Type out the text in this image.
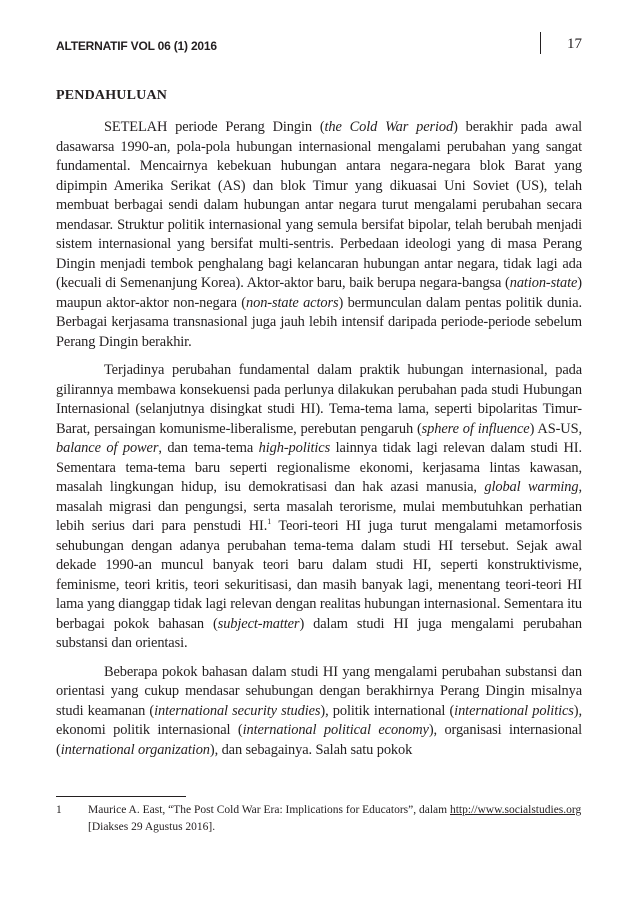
ALTERNATIF VOL 06 (1) 2016	17
PENDAHULUAN

SETELAH periode Perang Dingin (the Cold War period) berakhir pada awal dasawarsa 1990-an, pola-pola hubungan internasional mengalami perubahan yang sangat fundamental. Mencairnya kebekuan hubungan antara negara-negara blok Barat yang dipimpin Amerika Serikat (AS) dan blok Timur yang dikuasai Uni Soviet (US), telah membuat berbagai sendi dalam hubungan antar negara turut mengalami perubahan secara mendasar. Struktur politik internasional yang semula bersifat bipolar, telah berubah menjadi sistem internasional yang bersifat multi-sentris. Perbedaan ideologi yang di masa Perang Dingin menjadi tembok penghalang bagi kelancaran hubungan antar negara, tidak lagi ada (kecuali di Semenanjung Korea). Aktor-aktor baru, baik berupa negara-bangsa (nation-state) maupun aktor-aktor non-negara (non-state actors) bermunculan dalam pentas politik dunia. Berbagai kerjasama transnasional juga jauh lebih intensif daripada periode-periode sebelum Perang Dingin berakhir.

Terjadinya perubahan fundamental dalam praktik hubungan internasional, pada gilirannya membawa konsekuensi pada perlunya dilakukan perubahan pada studi Hubungan Internasional (selanjutnya disingkat studi HI). Tema-tema lama, seperti bipolaritas Timur-Barat, persaingan komunisme-liberalisme, perebutan pengaruh (sphere of influence) AS-US, balance of power, dan tema-tema high-politics lainnya tidak lagi relevan dalam studi HI. Sementara tema-tema baru seperti regionalisme ekonomi, kerjasama lintas kawasan, masalah lingkungan hidup, isu demokratisasi dan hak azasi manusia, global warming, masalah migrasi dan pengungsi, serta masalah terorisme, mulai membutuhkan perhatian lebih serius dari para penstudi HI.$^1$ Teori-teori HI juga turut mengalami metamorfosis sehubungan dengan adanya perubahan tema-tema dalam studi HI tersebut. Sejak awal dekade 1990-an muncul banyak teori baru dalam studi HI, seperti konstruktivisme, feminisme, teori kritis, teori sekuritisasi, dan masih banyak lagi, menentang teori-teori HI lama yang dianggap tidak lagi relevan dengan realitas hubungan internasional. Sementara itu berbagai pokok bahasan (subject-matter) dalam studi HI juga mengalami perubahan substansi dan orientasi.

Beberapa pokok bahasan dalam studi HI yang mengalami perubahan substansi dan orientasi yang cukup mendasar sehubungan dengan berakhirnya Perang Dingin misalnya studi keamanan (international security studies), politik international (international politics), ekonomi politik internasional (international political economy), organisasi internasional (international organization), dan sebagainya. Salah satu pokok

1 Maurice A. East, “The Post Cold War Era: Implications for Educators”, dalam http://www.socialstudies.org
[Diakses 29 Agustus 2016].
